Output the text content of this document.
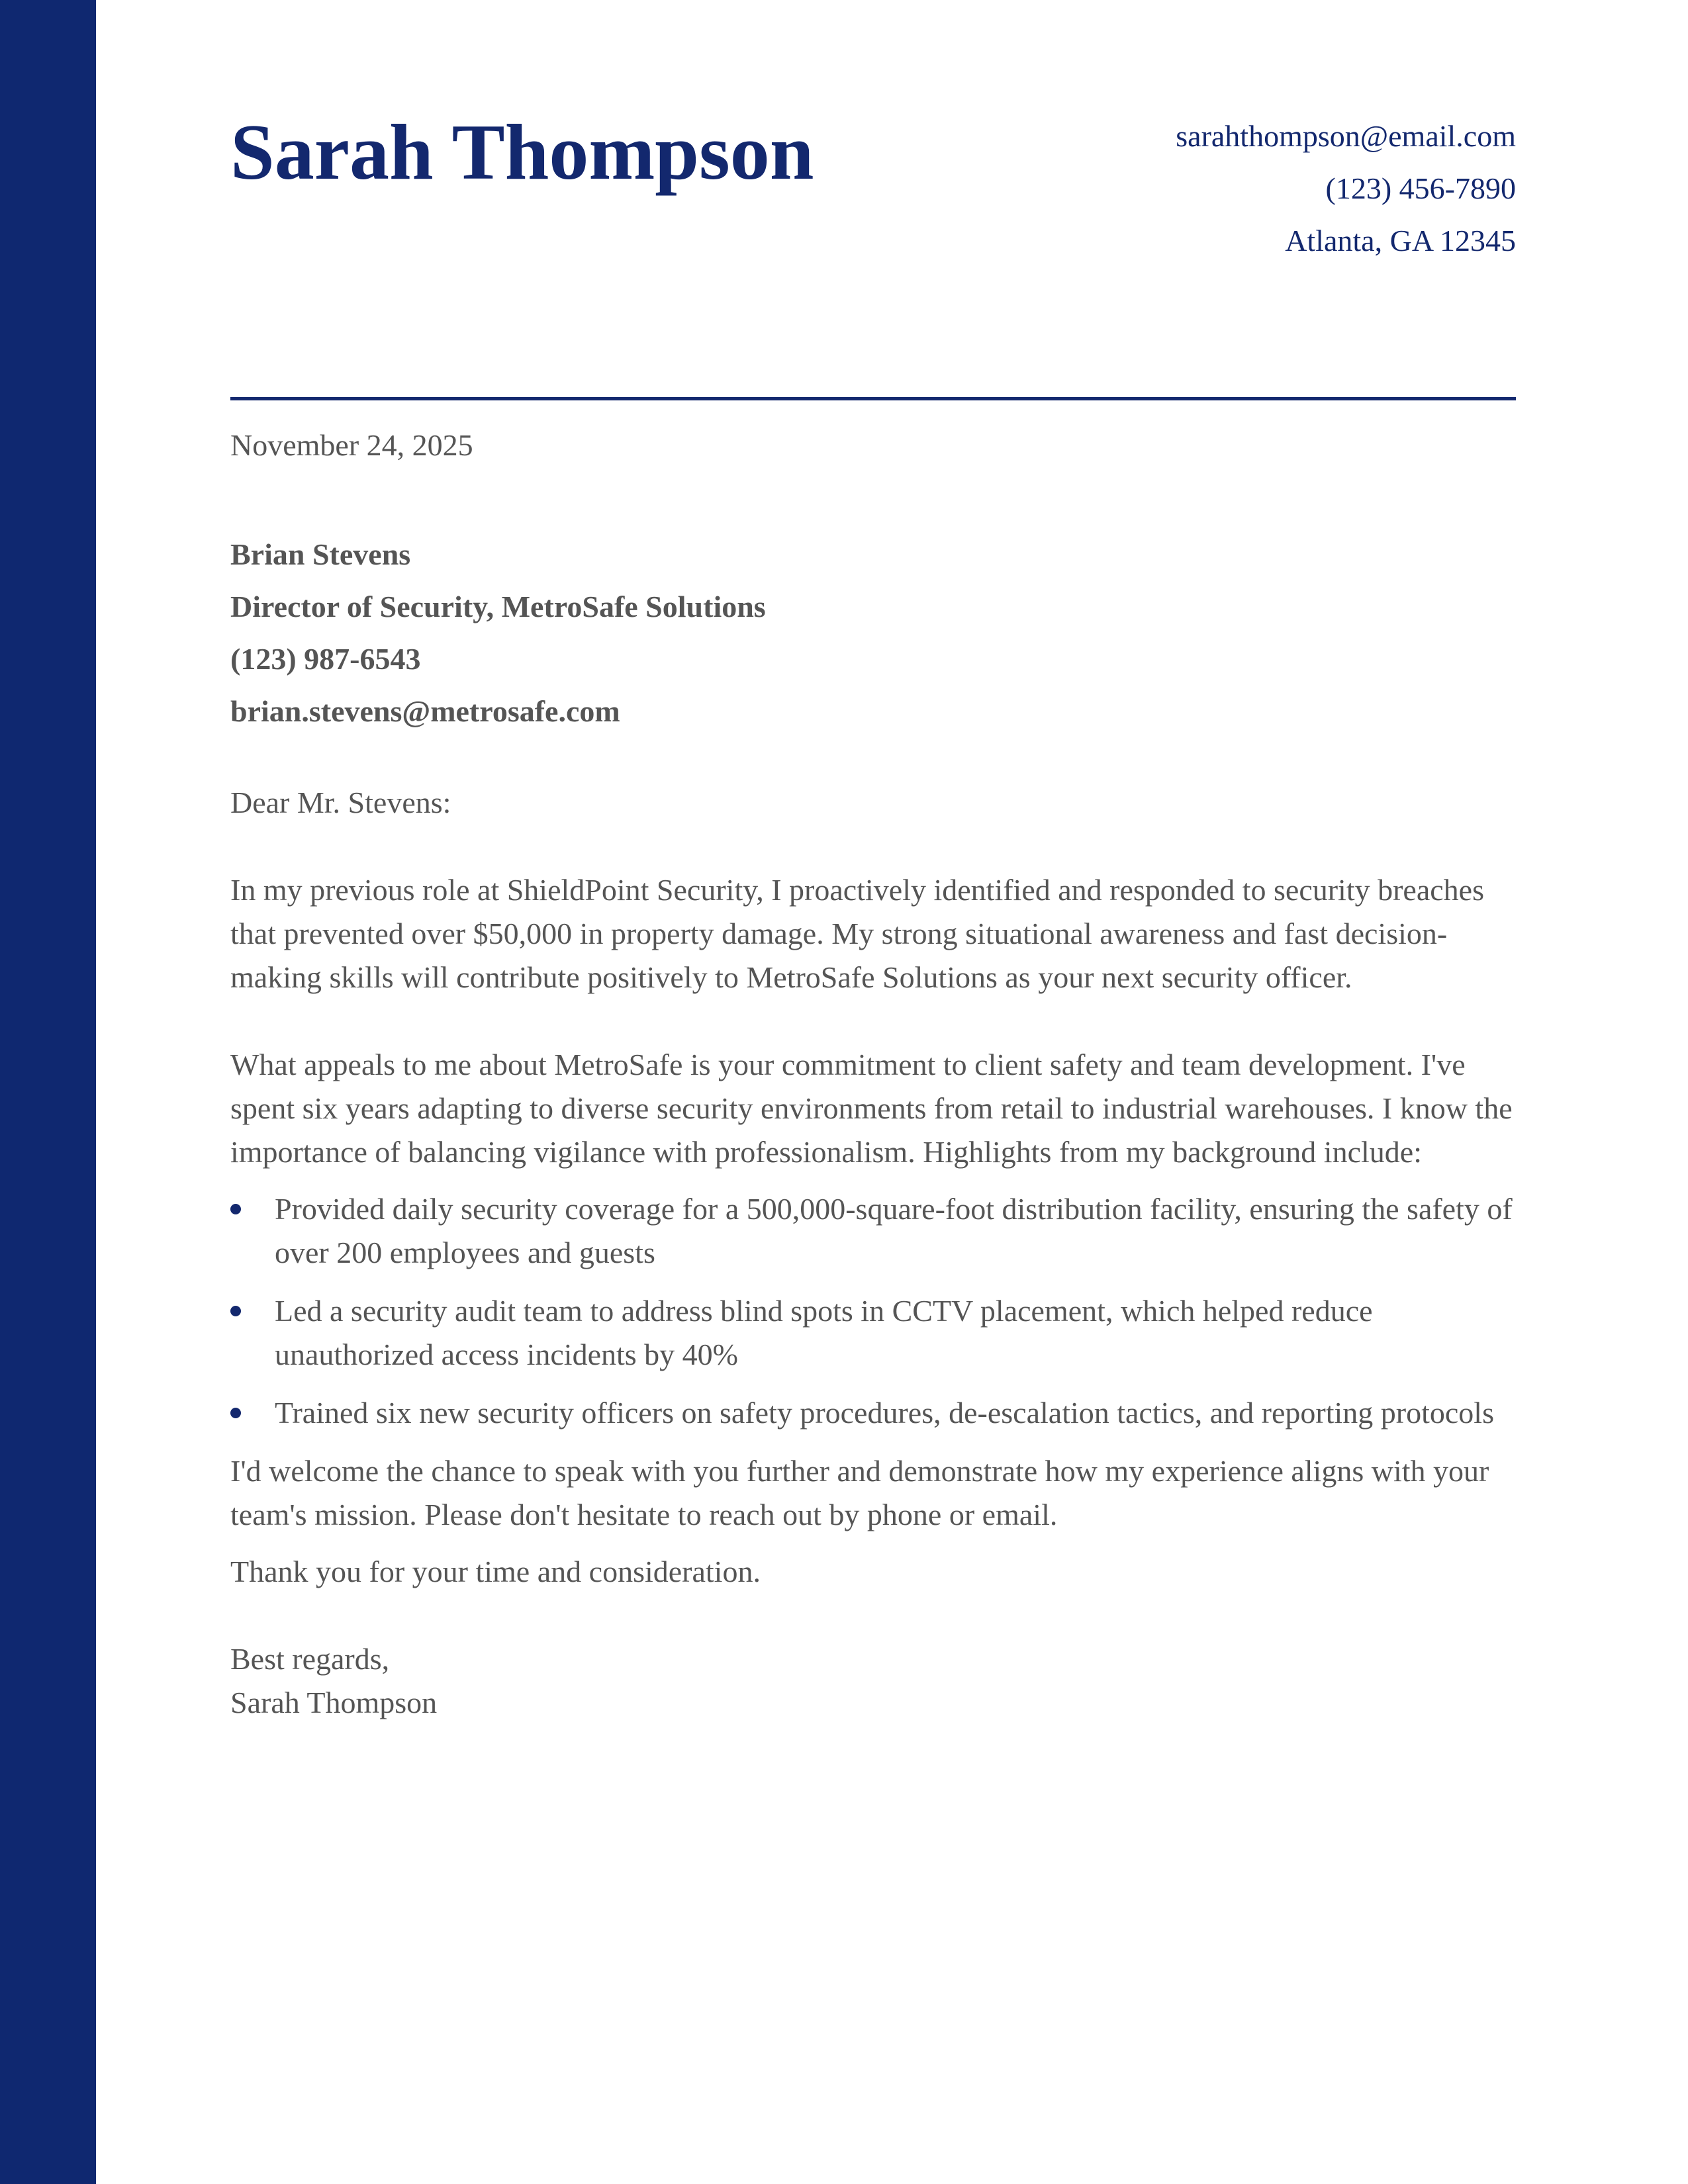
Sarah Thompson	sarahthompson@email.com
(123) 456-7890
Atlanta, GA 12345
November 24, 2025
Brian Stevens
Director of Security, MetroSafe Solutions
(123) 987-6543
brian.stevens@metrosafe.com
Dear Mr. Stevens:

In my previous role at ShieldPoint Security, I proactively identified and responded to security breaches that prevented over $50,000 in property damage. My strong situational awareness and fast decision-making skills will contribute positively to MetroSafe Solutions as your next security officer.

What appeals to me about MetroSafe is your commitment to client safety and team development. I've spent six years adapting to diverse security environments from retail to industrial warehouses. I know the importance of balancing vigilance with professionalism. Highlights from my background include:

Provided daily security coverage for a 500,000-square-foot distribution facility, ensuring the safety of over 200 employees and guests
Led a security audit team to address blind spots in CCTV placement, which helped reduce unauthorized access incidents by 40%
Trained six new security officers on safety procedures, de-escalation tactics, and reporting protocols

I'd welcome the chance to speak with you further and demonstrate how my experience aligns with your team's mission. Please don't hesitate to reach out by phone or email.

Thank you for your time and consideration.

Best regards,
Sarah Thompson
